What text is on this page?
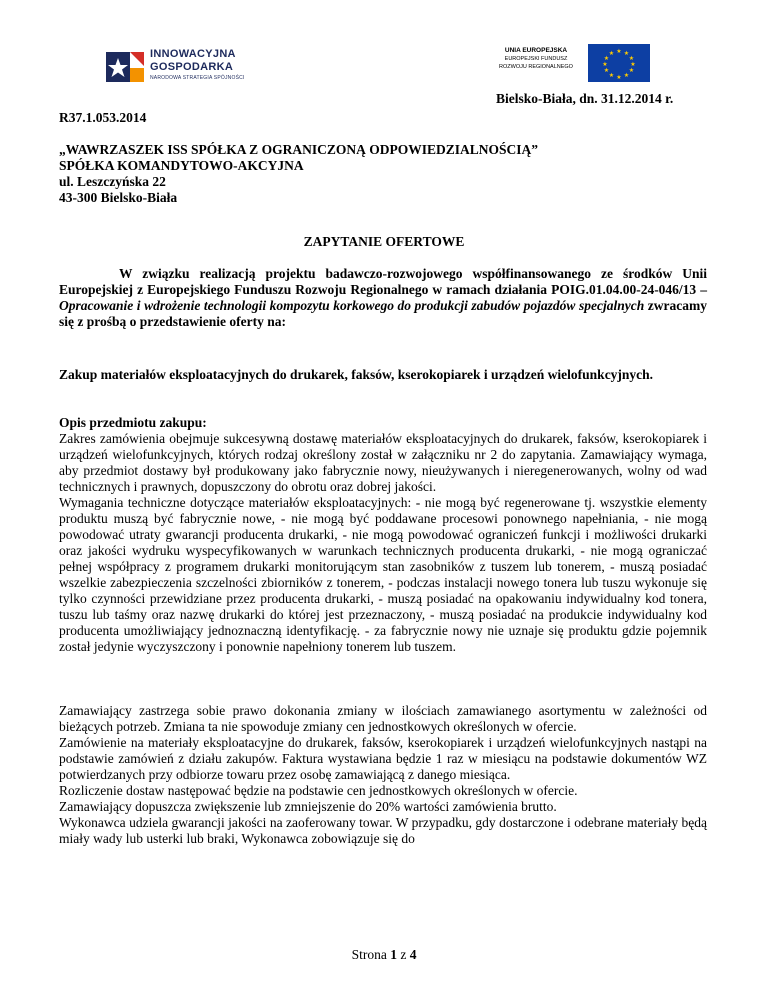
INNOWACYJNA
GOSPODARKA
NARODOWA STRATEGIA SPÓJNOŚCI
UNIA EUROPEJSKA
EUROPEJSKI FUNDUSZ
ROZWOJU REGIONALNEGO
★ ★
★
★
★
★
★
★
★
★
★
★
Bielsko-Biała, dn. 31.12.2014 r.
R37.1.053.2014
„WAWRZASZEK ISS SPÓŁKA Z OGRANICZONĄ ODPOWIEDZIALNOŚCIĄ”
SPÓŁKA KOMANDYTOWO-AKCYJNA
ul. Leszczyńska 22
43-300 Bielsko-Biała
ZAPYTANIE OFERTOWE
W związku realizacją projektu badawczo-rozwojowego współfinansowanego ze środków Unii Europejskiej z Europejskiego Funduszu Rozwoju Regionalnego w ramach działania POIG.01.04.00-24-046/13 – Opracowanie i wdrożenie technologii kompozytu korkowego do produkcji zabudów pojazdów specjalnych zwracamy się z prośbą o przedstawienie oferty na:
Zakup materiałów eksploatacyjnych do drukarek, faksów, kserokopiarek i urządzeń wielofunkcyjnych.
Opis przedmiotu zakupu:

Zakres zamówienia obejmuje sukcesywną dostawę materiałów eksploatacyjnych do drukarek, faksów, kserokopiarek i urządzeń wielofunkcyjnych, których rodzaj określony został w załączniku nr 2 do zapytania. Zamawiający wymaga, aby przedmiot dostawy był produkowany jako fabrycznie nowy, nieużywanych i nieregenerowanych, wolny od wad technicznych i prawnych, dopuszczony do obrotu oraz dobrej jakości.

Wymagania techniczne dotyczące materiałów eksploatacyjnych: - nie mogą być regenerowane tj. wszystkie elementy produktu muszą być fabrycznie nowe, - nie mogą być poddawane procesowi ponownego napełniania, - nie mogą powodować utraty gwarancji producenta drukarki, - nie mogą powodować ograniczeń funkcji i możliwości drukarki oraz jakości wydruku wyspecyfikowanych w warunkach technicznych producenta drukarki, - nie mogą ograniczać pełnej współpracy z programem drukarki monitorującym stan zasobników z tuszem lub tonerem, - muszą posiadać wszelkie zabezpieczenia szczelności zbiorników z tonerem, - podczas instalacji nowego tonera lub tuszu wykonuje się tylko czynności przewidziane przez producenta drukarki, - muszą posiadać na opakowaniu indywidualny kod tonera, tuszu lub taśmy oraz nazwę drukarki do której jest przeznaczony, - muszą posiadać na produkcie indywidualny kod producenta umożliwiający jednoznaczną identyfikację. - za fabrycznie nowy nie uznaje się produktu gdzie pojemnik został jedynie wyczyszczony i ponownie napełniony tonerem lub tuszem.

Zamawiający zastrzega sobie prawo dokonania zmiany w ilościach zamawianego asortymentu w zależności od bieżących potrzeb. Zmiana ta nie spowoduje zmiany cen jednostkowych określonych w ofercie.

Zamówienie na materiały eksploatacyjne do drukarek, faksów, kserokopiarek i urządzeń wielofunkcyjnych nastąpi na podstawie zamówień z działu zakupów. Faktura wystawiana będzie 1 raz w miesiącu na podstawie dokumentów WZ potwierdzanych przy odbiorze towaru przez osobę zamawiającą z danego miesiąca.

Rozliczenie dostaw następować będzie na podstawie cen jednostkowych określonych w ofercie.

Zamawiający dopuszcza zwiększenie lub zmniejszenie do 20% wartości zamówienia brutto.

Wykonawca udziela gwarancji jakości na zaoferowany towar. W przypadku, gdy dostarczone i odebrane materiały będą miały wady lub usterki lub braki, Wykonawca zobowiązuje się do

Strona 1 z 4
